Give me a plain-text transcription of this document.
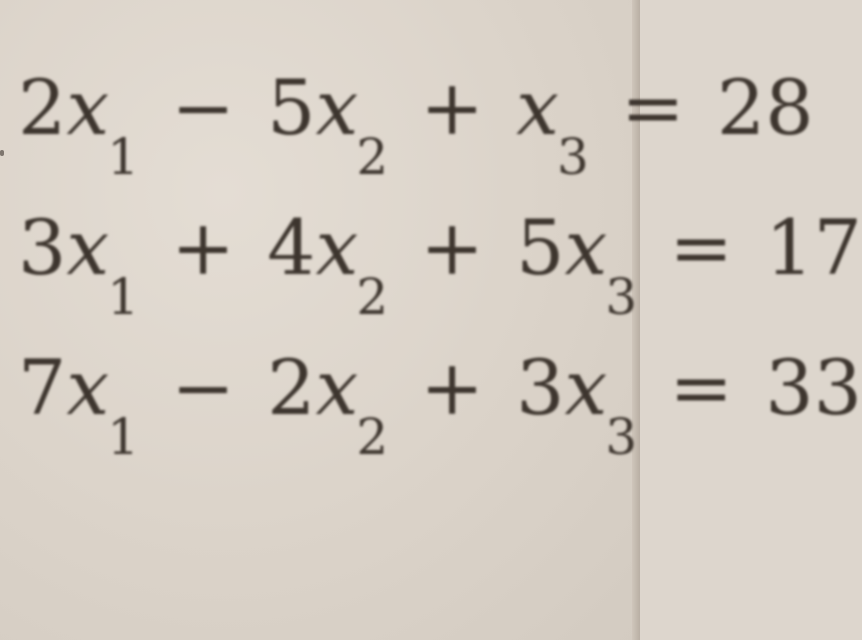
2x1 − 5x2 + x3 = 28
3x1 + 4x2 + 5x3 = 17
7x1 − 2x2 + 3x3 = 33
